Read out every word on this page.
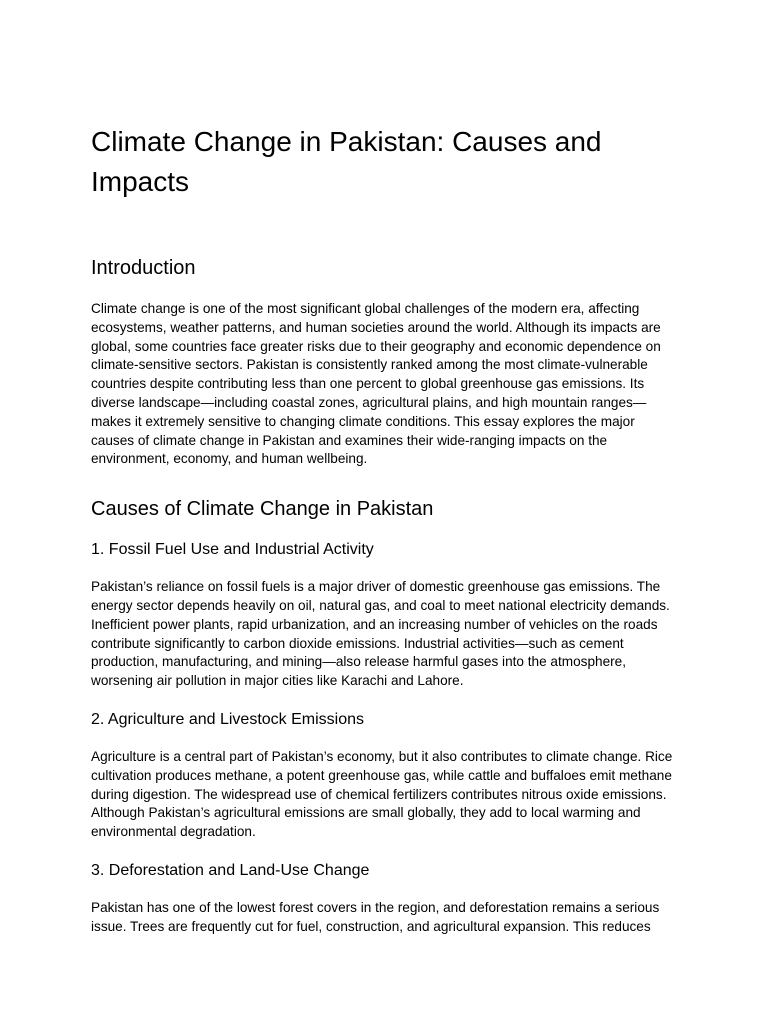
Climate Change in Pakistan: Causes and Impacts
Introduction

Climate change is one of the most significant global challenges of the modern era, affecting ecosystems, weather patterns, and human societies around the world. Although its impacts are global, some countries face greater risks due to their geography and economic dependence on climate-sensitive sectors. Pakistan is consistently ranked among the most climate-vulnerable countries despite contributing less than one percent to global greenhouse gas emissions. Its diverse landscape—including coastal zones, agricultural plains, and high mountain ranges—makes it extremely sensitive to changing climate conditions. This essay explores the major causes of climate change in Pakistan and examines their wide-ranging impacts on the environment, economy, and human wellbeing.

Causes of Climate Change in Pakistan
1. Fossil Fuel Use and Industrial Activity

Pakistan’s reliance on fossil fuels is a major driver of domestic greenhouse gas emissions. The energy sector depends heavily on oil, natural gas, and coal to meet national electricity demands. Inefficient power plants, rapid urbanization, and an increasing number of vehicles on the roads contribute significantly to carbon dioxide emissions. Industrial activities—such as cement production, manufacturing, and mining—also release harmful gases into the atmosphere, worsening air pollution in major cities like Karachi and Lahore.

2. Agriculture and Livestock Emissions

Agriculture is a central part of Pakistan’s economy, but it also contributes to climate change. Rice cultivation produces methane, a potent greenhouse gas, while cattle and buffaloes emit methane during digestion. The widespread use of chemical fertilizers contributes nitrous oxide emissions. Although Pakistan’s agricultural emissions are small globally, they add to local warming and environmental degradation.

3. Deforestation and Land-Use Change

Pakistan has one of the lowest forest covers in the region, and deforestation remains a serious issue. Trees are frequently cut for fuel, construction, and agricultural expansion. This reduces
